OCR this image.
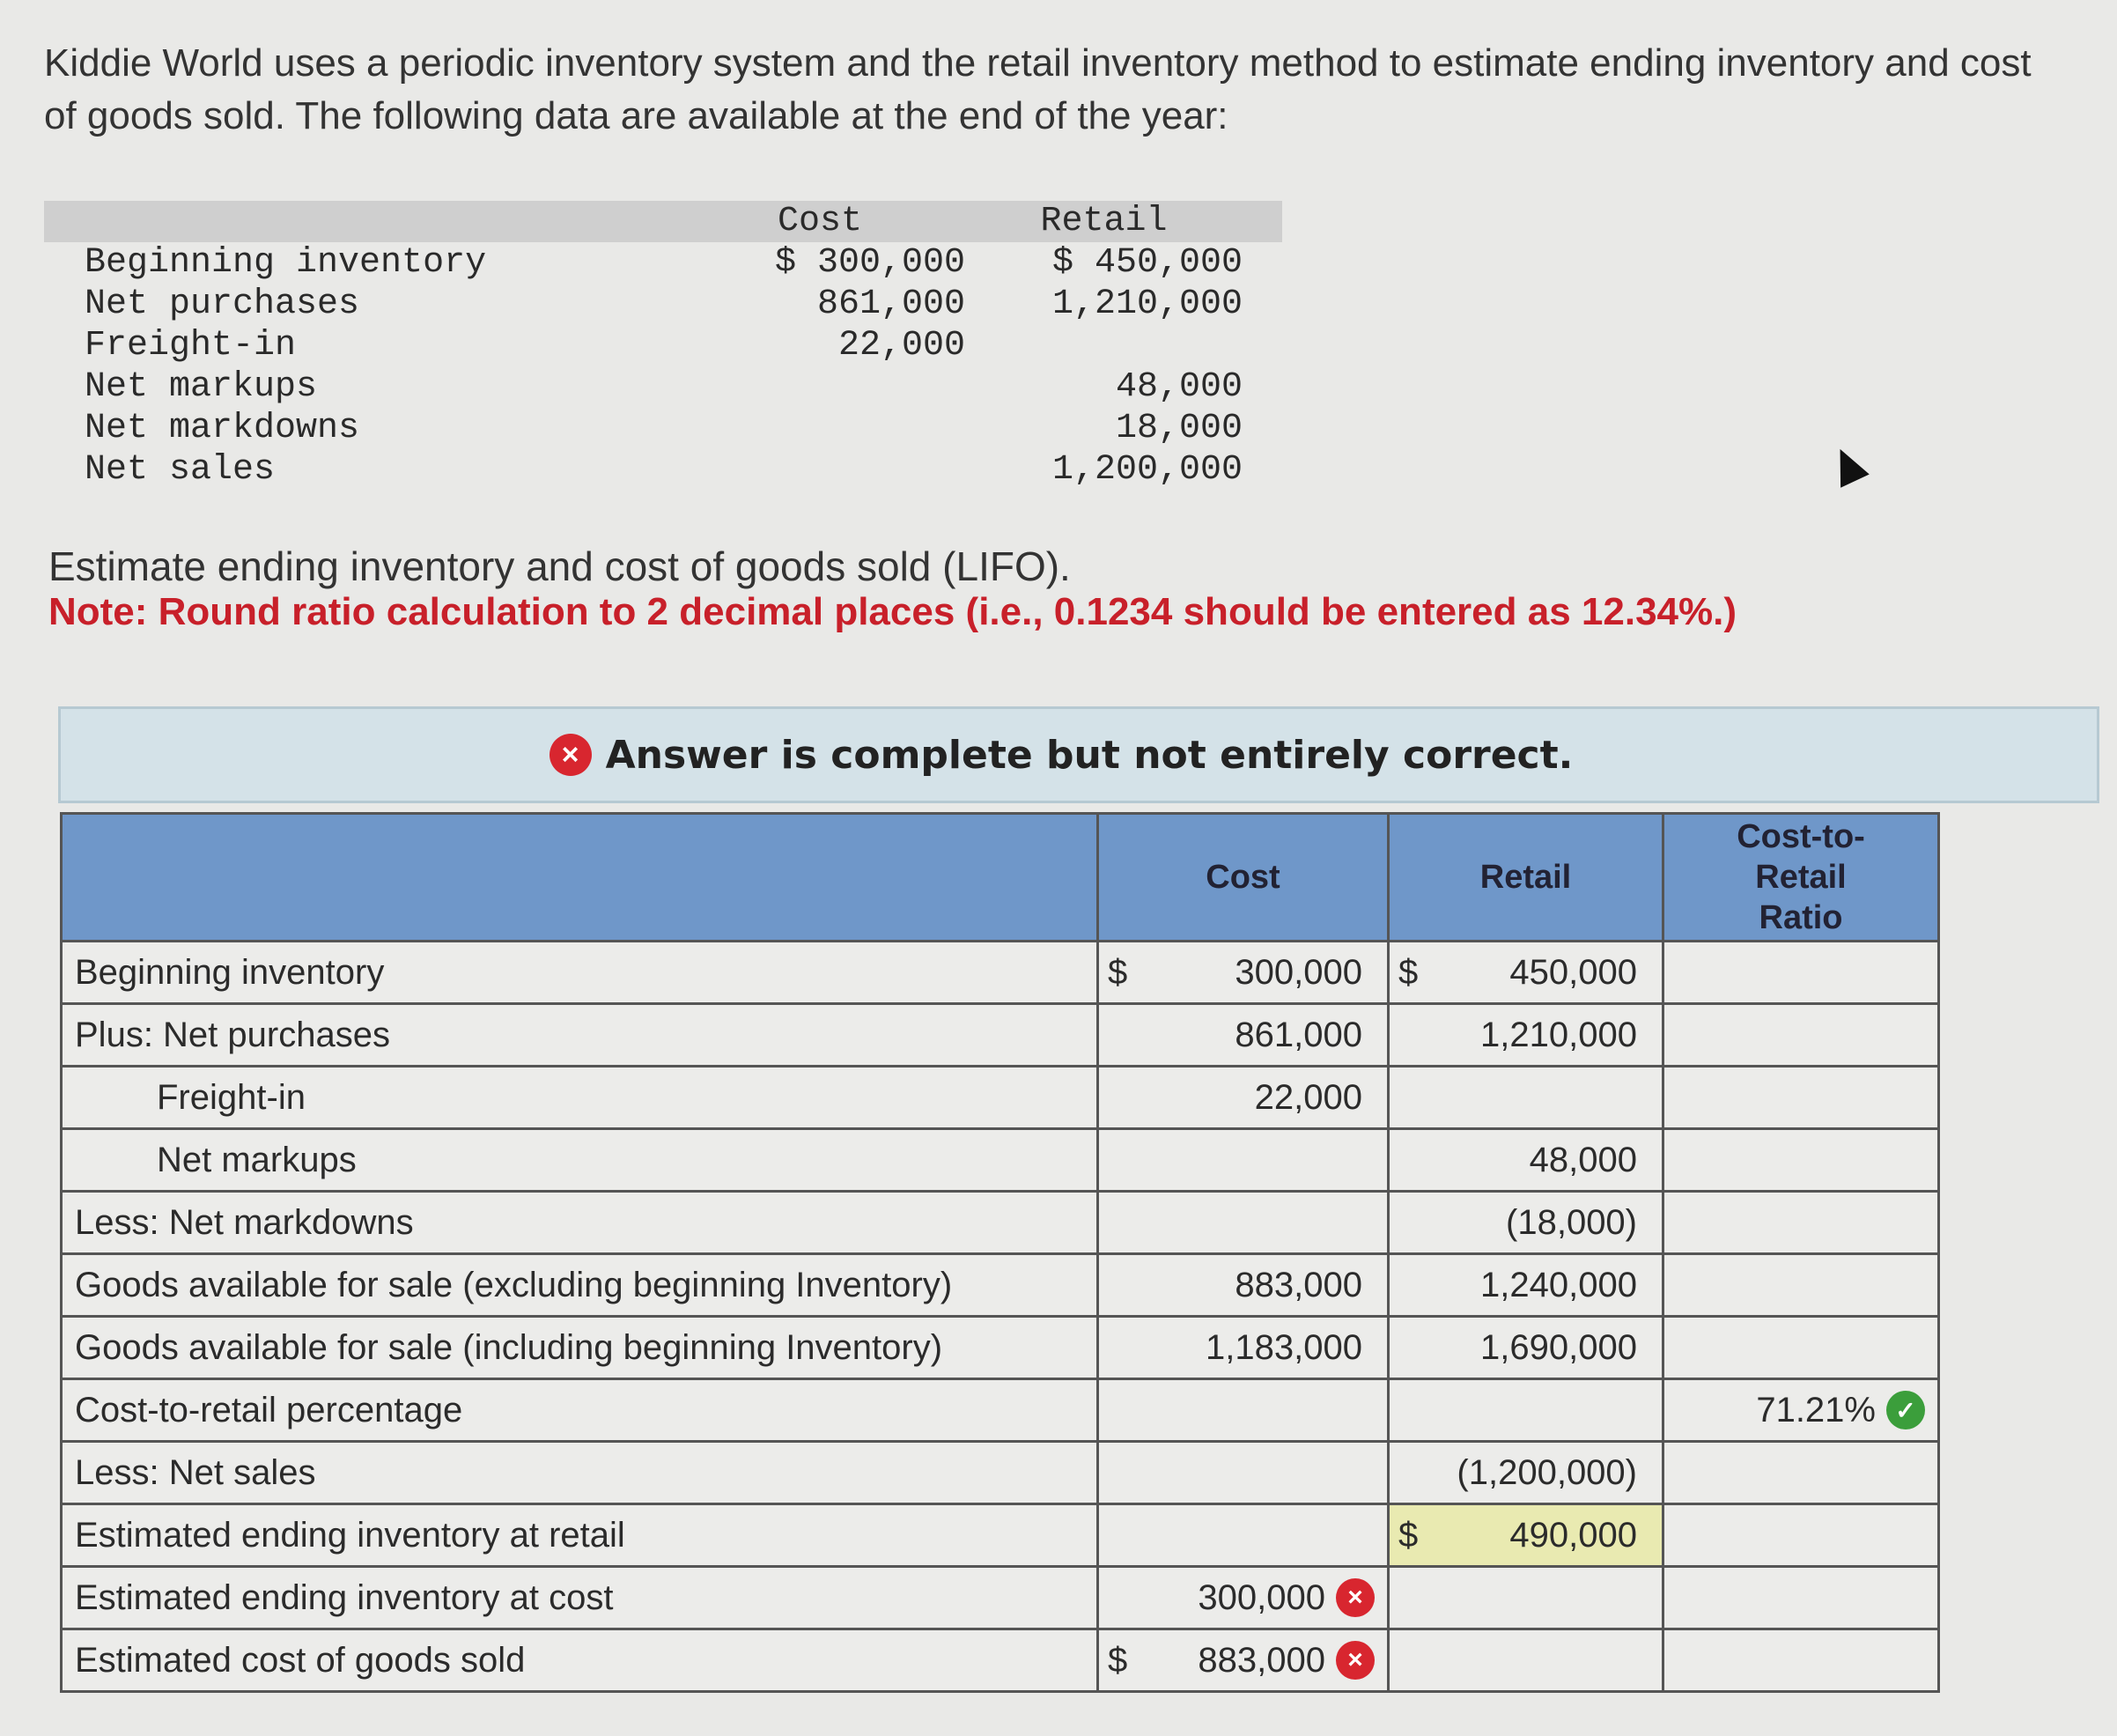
Kiddie World uses a periodic inventory system and the retail inventory method to estimate ending inventory and cost of goods sold. The following data are available at the end of the year:
	Cost	Retail	
Beginning inventory	$ 300,000	$ 450,000	
Net purchases	861,000	1,210,000	
Freight-in	22,000		
Net markups		48,000	
Net markdowns		18,000	
Net sales		1,200,000	
Estimate ending inventory and cost of goods sold (LIFO).
Note: Round ratio calculation to 2 decimal places (i.e., 0.1234 should be entered as 12.34%.)
× Answer is complete but not entirely correct.
	Cost	Retail	Cost-to-Retail Ratio
Beginning inventory	$ 300,000	$ 450,000	

Plus: Net purchases	861,000	1,210,000	

Freight-in	22,000		

Net markups		48,000	

Less: Net markdowns		(18,000)	

Goods available for sale (excluding beginning Inventory)	883,000	1,240,000	

Goods available for sale (including beginning Inventory)	1,183,000	1,690,000	

Cost-to-retail percentage			71.21% ✓

Less: Net sales		(1,200,000)	

Estimated ending inventory at retail		$ 490,000	

Estimated ending inventory at cost	300,000 ×		

Estimated cost of goods sold	$ 883,000 ×		
